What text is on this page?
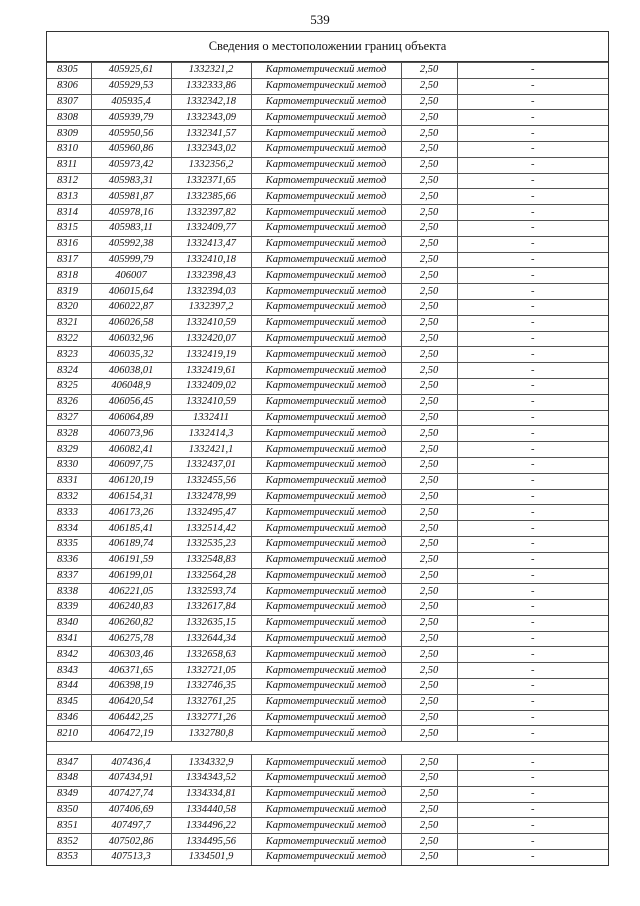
539
Сведения о местоположении границ объекта
8305	405925,61	1332321,2	Картометрический метод	2,50	-
8306	405929,53	1332333,86	Картометрический метод	2,50	-
8307	405935,4	1332342,18	Картометрический метод	2,50	-
8308	405939,79	1332343,09	Картометрический метод	2,50	-
8309	405950,56	1332341,57	Картометрический метод	2,50	-
8310	405960,86	1332343,02	Картометрический метод	2,50	-
8311	405973,42	1332356,2	Картометрический метод	2,50	-
8312	405983,31	1332371,65	Картометрический метод	2,50	-
8313	405981,87	1332385,66	Картометрический метод	2,50	-
8314	405978,16	1332397,82	Картометрический метод	2,50	-
8315	405983,11	1332409,77	Картометрический метод	2,50	-
8316	405992,38	1332413,47	Картометрический метод	2,50	-
8317	405999,79	1332410,18	Картометрический метод	2,50	-
8318	406007	1332398,43	Картометрический метод	2,50	-
8319	406015,64	1332394,03	Картометрический метод	2,50	-
8320	406022,87	1332397,2	Картометрический метод	2,50	-
8321	406026,58	1332410,59	Картометрический метод	2,50	-
8322	406032,96	1332420,07	Картометрический метод	2,50	-
8323	406035,32	1332419,19	Картометрический метод	2,50	-
8324	406038,01	1332419,61	Картометрический метод	2,50	-
8325	406048,9	1332409,02	Картометрический метод	2,50	-
8326	406056,45	1332410,59	Картометрический метод	2,50	-
8327	406064,89	1332411	Картометрический метод	2,50	-
8328	406073,96	1332414,3	Картометрический метод	2,50	-
8329	406082,41	1332421,1	Картометрический метод	2,50	-
8330	406097,75	1332437,01	Картометрический метод	2,50	-
8331	406120,19	1332455,56	Картометрический метод	2,50	-
8332	406154,31	1332478,99	Картометрический метод	2,50	-
8333	406173,26	1332495,47	Картометрический метод	2,50	-
8334	406185,41	1332514,42	Картометрический метод	2,50	-
8335	406189,74	1332535,23	Картометрический метод	2,50	-
8336	406191,59	1332548,83	Картометрический метод	2,50	-
8337	406199,01	1332564,28	Картометрический метод	2,50	-
8338	406221,05	1332593,74	Картометрический метод	2,50	-
8339	406240,83	1332617,84	Картометрический метод	2,50	-
8340	406260,82	1332635,15	Картометрический метод	2,50	-
8341	406275,78	1332644,34	Картометрический метод	2,50	-
8342	406303,46	1332658,63	Картометрический метод	2,50	-
8343	406371,65	1332721,05	Картометрический метод	2,50	-
8344	406398,19	1332746,35	Картометрический метод	2,50	-
8345	406420,54	1332761,25	Картометрический метод	2,50	-
8346	406442,25	1332771,26	Картометрический метод	2,50	-
8210	406472,19	1332780,8	Картометрический метод	2,50	-

8347	407436,4	1334332,9	Картометрический метод	2,50	-
8348	407434,91	1334343,52	Картометрический метод	2,50	-
8349	407427,74	1334334,81	Картометрический метод	2,50	-
8350	407406,69	1334440,58	Картометрический метод	2,50	-
8351	407497,7	1334496,22	Картометрический метод	2,50	-
8352	407502,86	1334495,56	Картометрический метод	2,50	-
8353	407513,3	1334501,9	Картометрический метод	2,50	-
